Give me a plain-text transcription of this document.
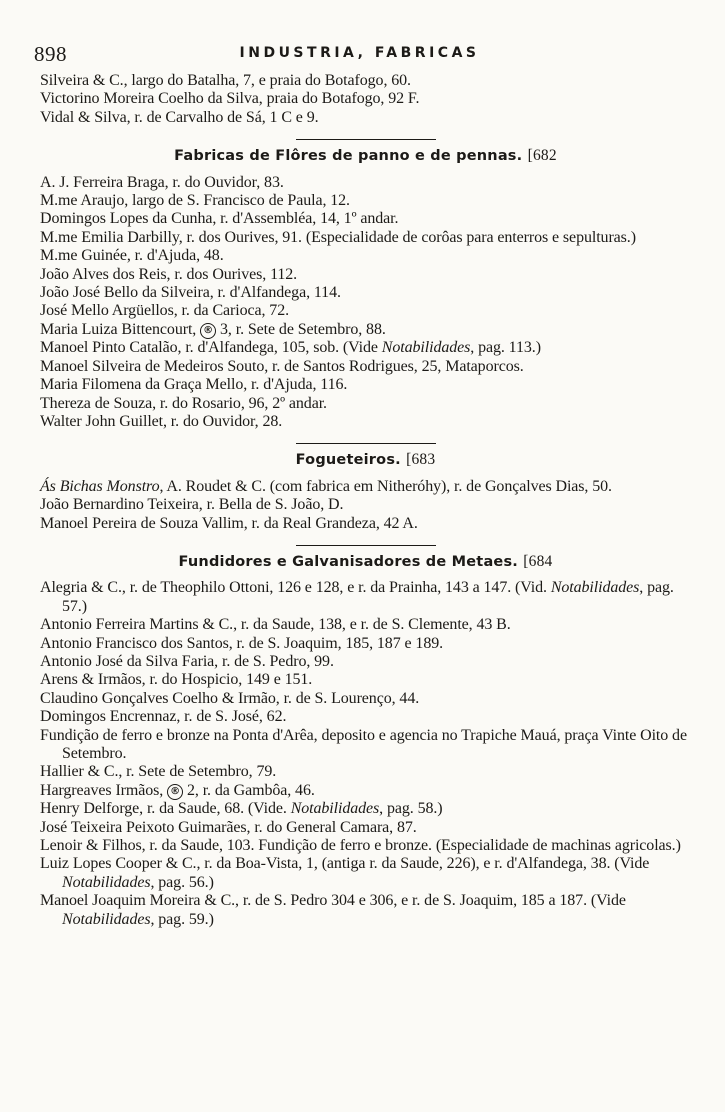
898	INDUSTRIA, FABRICAS

Silveira & C., largo do Batalha, 7, e praia do Botafogo, 60.

Victorino Moreira Coelho da Silva, praia do Botafogo, 92 F.

Vidal & Silva, r. de Carvalho de Sá, 1 C e 9.

Fabricas de Flôres de panno e de pennas. [682

A. J. Ferreira Braga, r. do Ouvidor, 83.

M.me Araujo, largo de S. Francisco de Paula, 12.

Domingos Lopes da Cunha, r. d'Assembléa, 14, 1º andar.

M.me Emilia Darbilly, r. dos Ourives, 91. (Especialidade de corôas para enterros e sepulturas.)

M.me Guinée, r. d'Ajuda, 48.

João Alves dos Reis, r. dos Ourives, 112.

João José Bello da Silveira, r. d'Alfandega, 114.

José Mello Argüellos, r. da Carioca, 72.

Maria Luiza Bittencourt, ® 3, r. Sete de Setembro, 88.

Manoel Pinto Catalão, r. d'Alfandega, 105, sob. (Vide Notabilidades, pag. 113.)

Manoel Silveira de Medeiros Souto, r. de Santos Rodrigues, 25, Mataporcos.

Maria Filomena da Graça Mello, r. d'Ajuda, 116.

Thereza de Souza, r. do Rosario, 96, 2º andar.

Walter John Guillet, r. do Ouvidor, 28.

Fogueteiros. [683

Ás Bichas Monstro, A. Roudet & C. (com fabrica em Nitheróhy), r. de Gonçalves Dias, 50.

João Bernardino Teixeira, r. Bella de S. João, D.

Manoel Pereira de Souza Vallim, r. da Real Grandeza, 42 A.

Fundidores e Galvanisadores de Metaes. [684

Alegria & C., r. de Theophilo Ottoni, 126 e 128, e r. da Prainha, 143 a 147. (Vid. Notabilidades, pag. 57.)

Antonio Ferreira Martins & C., r. da Saude, 138, e r. de S. Clemente, 43 B.

Antonio Francisco dos Santos, r. de S. Joaquim, 185, 187 e 189.

Antonio José da Silva Faria, r. de S. Pedro, 99.

Arens & Irmãos, r. do Hospicio, 149 e 151.

Claudino Gonçalves Coelho & Irmão, r. de S. Lourenço, 44.

Domingos Encrennaz, r. de S. José, 62.

Fundição de ferro e bronze na Ponta d'Arêa, deposito e agencia no Trapiche Mauá, praça Vinte Oito de Setembro.

Hallier & C., r. Sete de Setembro, 79.

Hargreaves Irmãos, ® 2, r. da Gambôa, 46.

Henry Delforge, r. da Saude, 68. (Vide. Notabilidades, pag. 58.)

José Teixeira Peixoto Guimarães, r. do General Camara, 87.

Lenoir & Filhos, r. da Saude, 103. Fundição de ferro e bronze. (Especialidade de machinas agricolas.)

Luiz Lopes Cooper & C., r. da Boa-Vista, 1, (antiga r. da Saude, 226), e r. d'Alfandega, 38. (Vide Notabilidades, pag. 56.)

Manoel Joaquim Moreira & C., r. de S. Pedro 304 e 306, e r. de S. Joaquim, 185 a 187. (Vide Notabilidades, pag. 59.)
